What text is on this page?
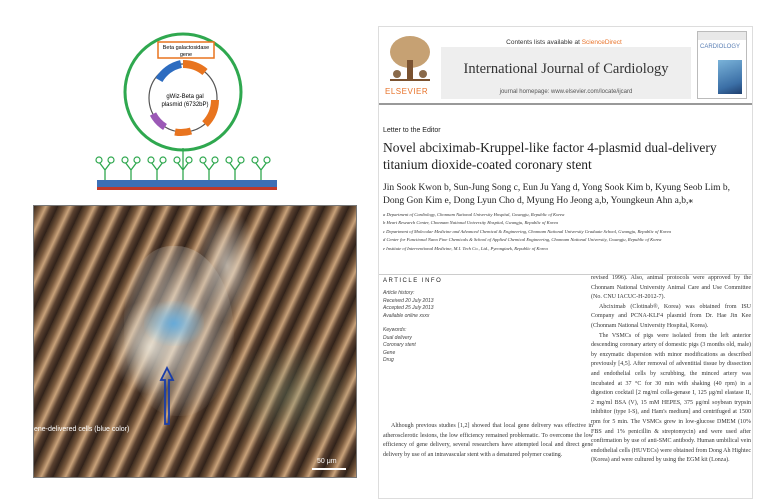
Beta galactosidase
gene
gWiz-Beta gal
plasmid (6732bP)
ene-delivered cells (blue color)
50 μm
ELSEVIER
Contents lists available at ScienceDirect
International Journal of Cardiology
journal homepage: www.elsevier.com/locate/ijcard
CARDIOLOGY
Letter to the Editor
Novel abciximab-Kruppel-like factor 4-plasmid dual-delivery titanium dioxide-coated coronary stent
Jin Sook Kwon b, Sun-Jung Song c, Eun Ju Yang d, Yong Sook Kim b, Kyung Seob Lim b, Dong Gon Kim e, Dong Lyun Cho d, Myung Ho Jeong a,b, Youngkeun Ahn a,b,⁎
a Department of Cardiology, Chonnam National University Hospital, Gwangju, Republic of Korea
b Heart Research Center, Chonnam National University Hospital, Gwangju, Republic of Korea
c Department of Molecular Medicine and Advanced Chemical & Engineering, Chonnam National University Graduate School, Gwangju, Republic of Korea
d Center for Functional Nano Fine Chemicals & School of Applied Chemical Engineering, Chonnam National University, Gwangju, Republic of Korea
e Institute of Interventional Medicine, M.I. Tech Co., Ltd., Pyeongtaek, Republic of Korea
ARTICLE INFO
Article history:
Received 20 July 2013
Accepted 25 July 2013
Available online xxxx
Keywords:
Dual delivery
Coronary stent
Gene
Drug

Although previous studies [1,2] showed that local gene delivery was effective in atherosclerotic lesions, the low efficiency remained problematic. To overcome the low efficiency of gene delivery, several researchers have attempted local and direct gene delivery by use of an intravascular stent with a denatured polymer coating.

revised 1996). Also, animal protocols were approved by the Chonnam National University Animal Care and Use Committee (No. CNU IACUC-H-2012-7).

Abciximab (Clotinab®, Korea) was obtained from ISU Company and PCNA-KLF4 plasmid from Dr. Hae Jin Kee (Chonnam National University Hospital, Korea).

The VSMCs of pigs were isolated from the left anterior descending coronary artery of domestic pigs (3 months old, male) by enzymatic dispersion with minor modifications as described previously [4,5]. After removal of adventitial tissue by dissection and endothelial cells by scrubbing, the minced artery was incubated at 37 °C for 30 min with shaking (40 rpm) in a digestion cocktail [2 mg/ml colla-genase I, 125 μg/ml elastase II, 2 mg/ml BSA (V), 15 mM HEPES, 375 μg/ml soybean trypsin inhibitor (type I-S), and Ham's medium] and centrifuged at 1500 rpm for 5 min. The VSMCs grew in low-glucose DMEM (10% FBS and 1% penicillin & streptomycin) and were used after confirmation by use of anti-SMC antibody. Human umbilical vein endothelial cells (HUVECs) were obtained from Dong Ah Hightec (Korea) and were cultured by using the EGM kit (Lonza).
